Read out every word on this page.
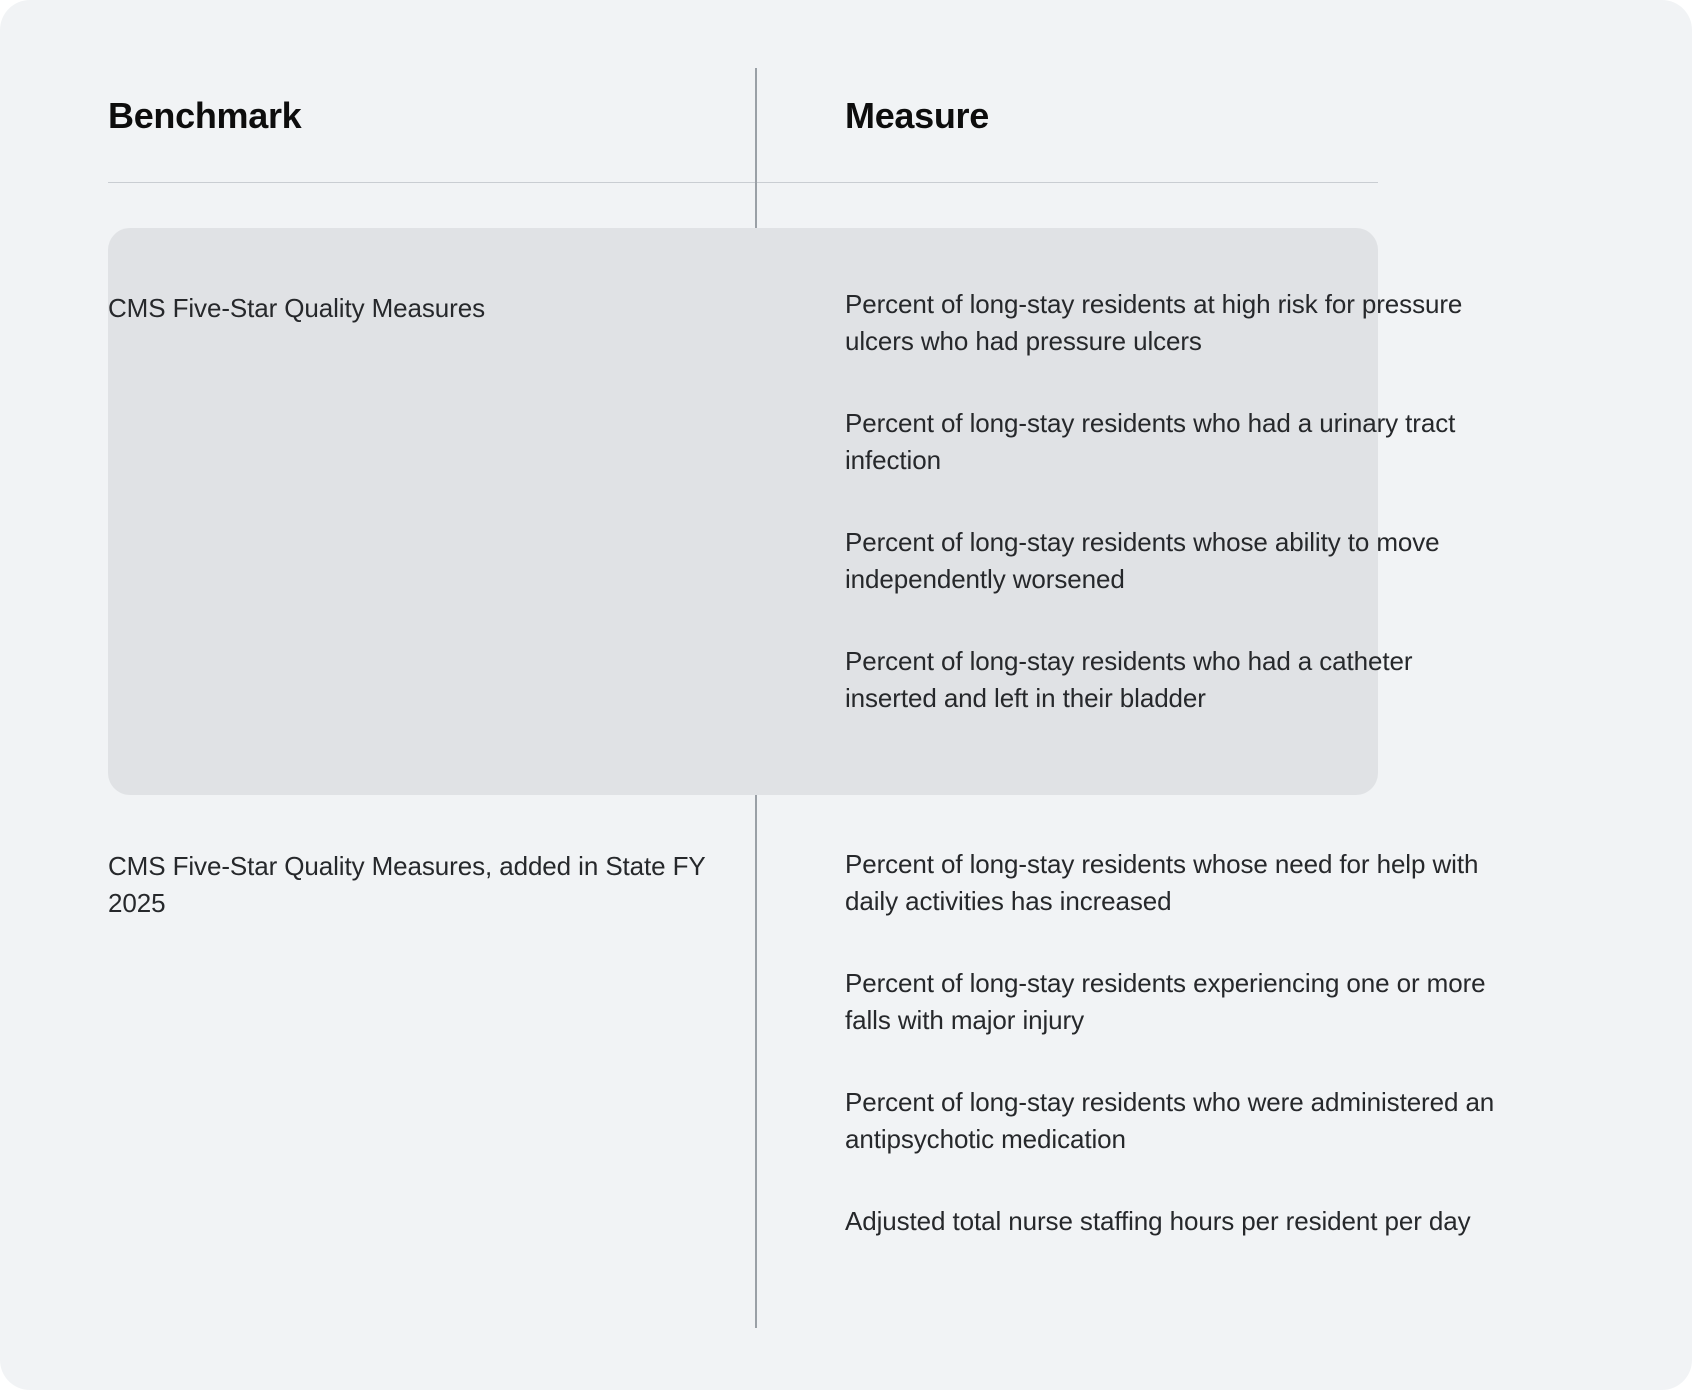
Benchmark	Measure
CMS Five-Star Quality Measures	Percent of long-stay residents at high risk for pressure ulcers who had pressure ulcers
Percent of long-stay residents who had a urinary tract infection
Percent of long-stay residents whose ability to move independently worsened
Percent of long-stay residents who had a catheter inserted and left in their bladder
CMS Five-Star Quality Measures, added in State FY 2025
Percent of long-stay residents whose need for help with daily activities has increased
Percent of long-stay residents experiencing one or more falls with major injury
Percent of long-stay residents who were administered an antipsychotic medication
Adjusted total nurse staffing hours per resident per day
